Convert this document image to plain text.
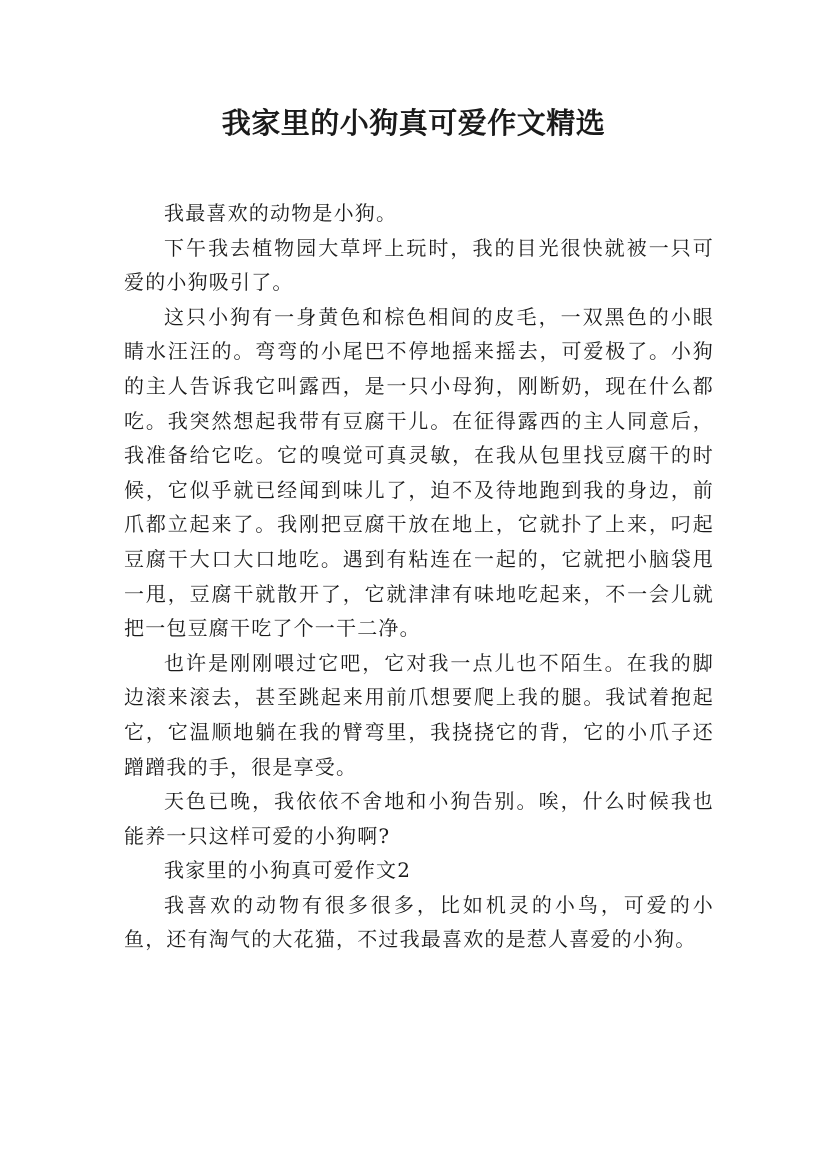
我家里的小狗真可爱作文精选

我最喜欢的动物是小狗。

下午我去植物园大草坪上玩时，我的目光很快就被一只可爱的小狗吸引了。

这只小狗有一身黄色和棕色相间的皮毛，一双黑色的小眼睛水汪汪的。弯弯的小尾巴不停地摇来摇去，可爱极了。小狗的主人告诉我它叫露西，是一只小母狗，刚断奶，现在什么都吃。我突然想起我带有豆腐干儿。在征得露西的主人同意后，我准备给它吃。它的嗅觉可真灵敏，在我从包里找豆腐干的时候，它似乎就已经闻到味儿了，迫不及待地跑到我的身边，前爪都立起来了。我刚把豆腐干放在地上，它就扑了上来，叼起豆腐干大口大口地吃。遇到有粘连在一起的，它就把小脑袋甩一甩，豆腐干就散开了，它就津津有味地吃起来，不一会儿就把一包豆腐干吃了个一干二净。

也许是刚刚喂过它吧，它对我一点儿也不陌生。在我的脚边滚来滚去，甚至跳起来用前爪想要爬上我的腿。我试着抱起它，它温顺地躺在我的臂弯里，我挠挠它的背，它的小爪子还蹭蹭我的手，很是享受。

天色已晚，我依依不舍地和小狗告别。唉，什么时候我也能养一只这样可爱的小狗啊?

我家里的小狗真可爱作文2

我喜欢的动物有很多很多，比如机灵的小鸟，可爱的小鱼，还有淘气的大花猫，不过我最喜欢的是惹人喜爱的小狗。
